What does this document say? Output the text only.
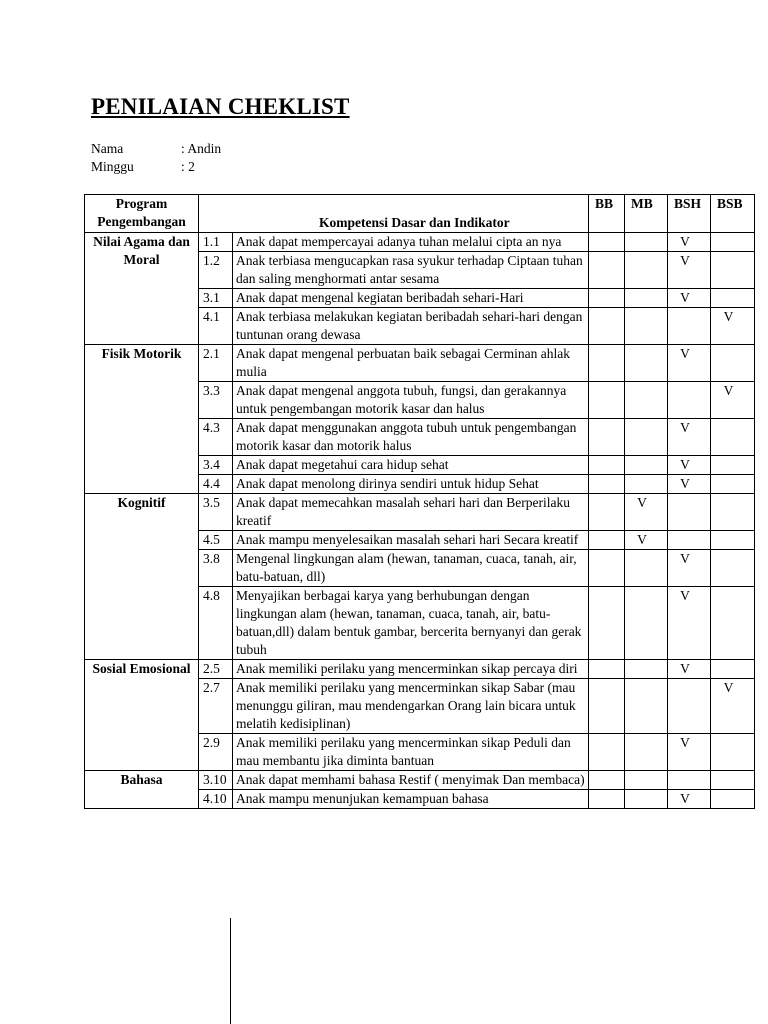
PENILAIAN CHEKLIST
Nama	: Andin
Minggu	: 2
Program Pengembangan	Kompetensi Dasar dan Indikator		BB	MB	BSH	BSB
Nilai Agama dan Moral	1.1	Anak dapat mempercayai adanya tuhan melalui cipta an nya			V	
	1.2	Anak terbiasa mengucapkan rasa syukur terhadap Ciptaan tuhan dan saling menghormati antar sesama			V	
	3.1	Anak dapat mengenal kegiatan beribadah sehari-Hari			V	
	4.1	Anak terbiasa melakukan kegiatan beribadah sehari-hari dengan tuntunan orang dewasa				V
Fisik Motorik	2.1	Anak dapat mengenal perbuatan baik sebagai Cerminan ahlak mulia			V	
	3.3	Anak dapat mengenal anggota tubuh, fungsi, dan gerakannya untuk pengembangan motorik kasar dan halus				V
	4.3	Anak dapat menggunakan anggota tubuh untuk pengembangan motorik kasar dan motorik halus			V	
	3.4	Anak dapat megetahui cara hidup sehat			V	
	4.4	Anak dapat menolong dirinya sendiri untuk hidup Sehat			V	
Kognitif	3.5	Anak dapat memecahkan masalah sehari hari dan Berperilaku kreatif		V		
	4.5	Anak mampu menyelesaikan masalah sehari hari Secara kreatif		V		
	3.8	Mengenal lingkungan alam (hewan, tanaman, cuaca, tanah, air, batu-batuan, dll)			V	
	4.8	Menyajikan berbagai karya yang berhubungan dengan lingkungan alam (hewan, tanaman, cuaca, tanah, air, batu-batuan,dll) dalam bentuk gambar, bercerita bernyanyi dan gerak tubuh			V	
Sosial Emosional	2.5	Anak memiliki perilaku yang mencerminkan sikap percaya diri			V	
	2.7	Anak memiliki perilaku yang mencerminkan sikap Sabar (mau menunggu giliran, mau mendengarkan Orang lain bicara untuk melatih kedisiplinan)				V
	2.9	Anak memiliki perilaku yang mencerminkan sikap Peduli dan mau membantu jika diminta bantuan			V	
Bahasa	3.10	Anak dapat memhami bahasa Restif ( menyimak Dan membaca)				
	4.10	Anak mampu menunjukan kemampuan bahasa			V	
